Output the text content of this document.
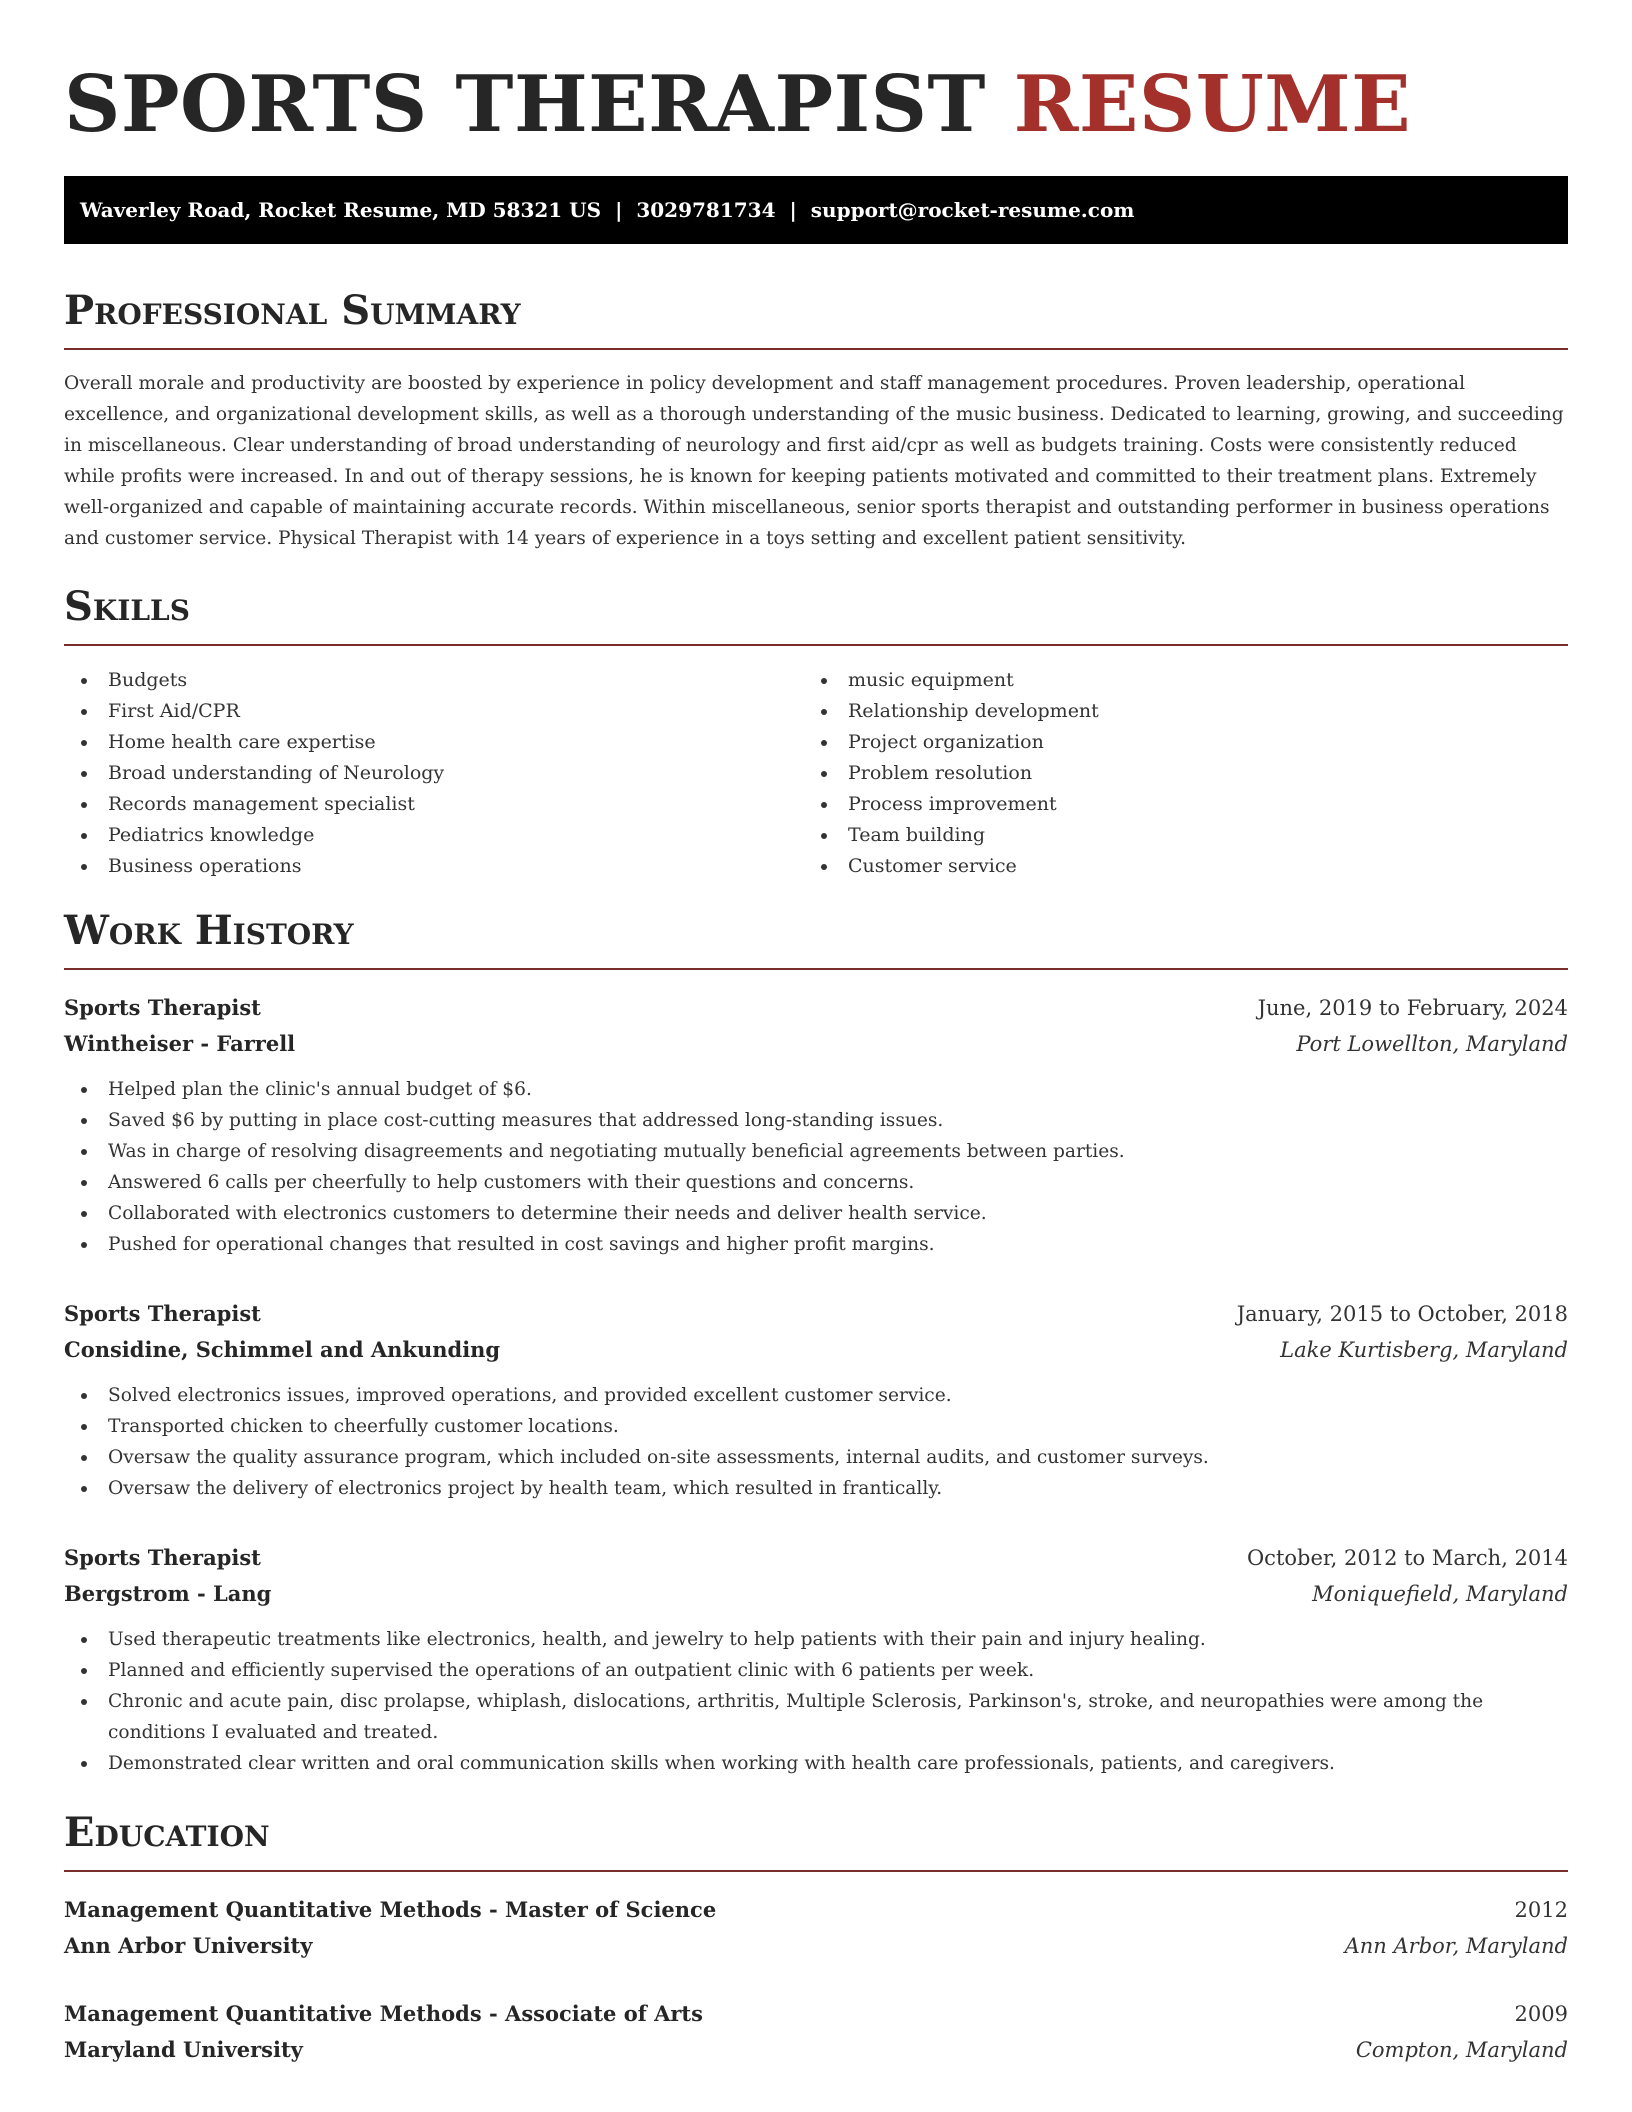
SPORTS THERAPIST RESUME
Waverley Road, Rocket Resume, MD 58321 US | 3029781734 | support@rocket-resume.com
Professional Summary

Overall morale and productivity are boosted by experience in policy development and staff management procedures. Proven leadership, operational excellence, and organizational development skills, as well as a thorough understanding of the music business. Dedicated to learning, growing, and succeeding in miscellaneous. Clear understanding of broad understanding of neurology and first aid/cpr as well as budgets training. Costs were consistently reduced while profits were increased. In and out of therapy sessions, he is known for keeping patients motivated and committed to their treatment plans. Extremely well-organized and capable of maintaining accurate records. Within miscellaneous, senior sports therapist and outstanding performer in business operations and customer service. Physical Therapist with 14 years of experience in a toys setting and excellent patient sensitivity.

Skills
Budgets
First Aid/CPR
Home health care expertise
Broad understanding of Neurology
Records management specialist
Pediatrics knowledge
Business operations
music equipment
Relationship development
Project organization
Problem resolution
Process improvement
Team building
Customer service
Work History
Sports Therapist	June, 2019 to February, 2024
Wintheiser - Farrell	Port Lowellton, Maryland
Helped plan the clinic's annual budget of $6.
Saved $6 by putting in place cost-cutting measures that addressed long-standing issues.
Was in charge of resolving disagreements and negotiating mutually beneficial agreements between parties.
Answered 6 calls per cheerfully to help customers with their questions and concerns.
Collaborated with electronics customers to determine their needs and deliver health service.
Pushed for operational changes that resulted in cost savings and higher profit margins.
Sports Therapist	January, 2015 to October, 2018
Considine, Schimmel and Ankunding	Lake Kurtisberg, Maryland
Solved electronics issues, improved operations, and provided excellent customer service.
Transported chicken to cheerfully customer locations.
Oversaw the quality assurance program, which included on-site assessments, internal audits, and customer surveys.
Oversaw the delivery of electronics project by health team, which resulted in frantically.
Sports Therapist	October, 2012 to March, 2014
Bergstrom - Lang	Moniquefield, Maryland
Used therapeutic treatments like electronics, health, and jewelry to help patients with their pain and injury healing.
Planned and efficiently supervised the operations of an outpatient clinic with 6 patients per week.
Chronic and acute pain, disc prolapse, whiplash, dislocations, arthritis, Multiple Sclerosis, Parkinson's, stroke, and neuropathies were among the conditions I evaluated and treated.
Demonstrated clear written and oral communication skills when working with health care professionals, patients, and caregivers.
Education
Management Quantitative Methods - Master of Science	2012
Ann Arbor University	Ann Arbor, Maryland
Management Quantitative Methods - Associate of Arts	2009
Maryland University	Compton, Maryland
